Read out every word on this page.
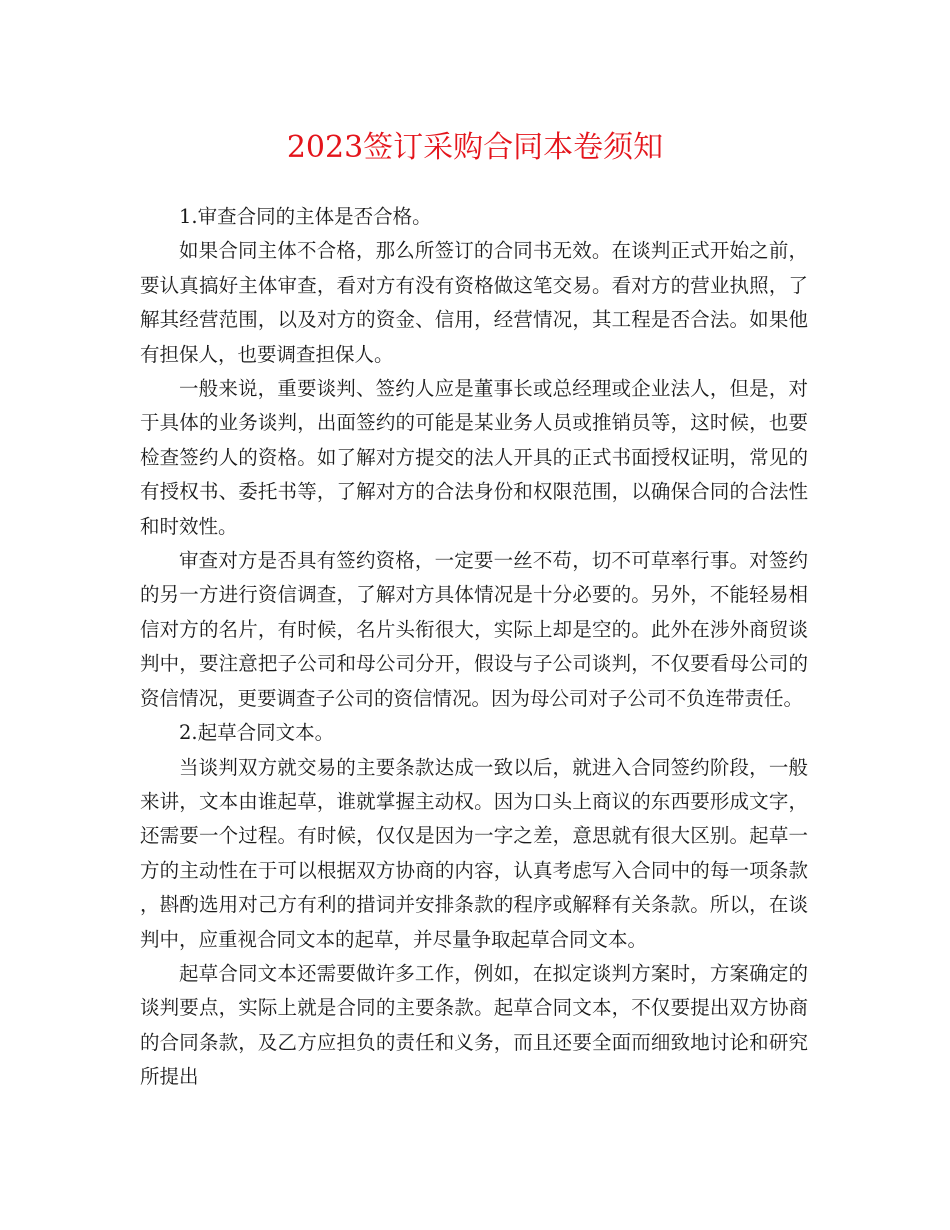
2023签订采购合同本卷须知

1.审查合同的主体是否合格。

如果合同主体不合格，那么所签订的合同书无效。在谈判正式开始之前，要认真搞好主体审查，看对方有没有资格做这笔交易。看对方的营业执照，了解其经营范围，以及对方的资金、信用，经营情况，其工程是否合法。如果他有担保人，也要调查担保人。

一般来说，重要谈判、签约人应是董事长或总经理或企业法人，但是，对于具体的业务谈判，出面签约的可能是某业务人员或推销员等，这时候，也要检查签约人的资格。如了解对方提交的法人开具的正式书面授权证明，常见的有授权书、委托书等，了解对方的合法身份和权限范围，以确保合同的合法性和时效性。

审查对方是否具有签约资格，一定要一丝不苟，切不可草率行事。对签约的另一方进行资信调查，了解对方具体情况是十分必要的。另外，不能轻易相信对方的名片，有时候，名片头衔很大，实际上却是空的。此外在涉外商贸谈判中，要注意把子公司和母公司分开，假设与子公司谈判，不仅要看母公司的资信情况，更要调查子公司的资信情况。因为母公司对子公司不负连带责任。

2.起草合同文本。

当谈判双方就交易的主要条款达成一致以后，就进入合同签约阶段，一般来讲，文本由谁起草，谁就掌握主动权。因为口头上商议的东西要形成文字，还需要一个过程。有时候，仅仅是因为一字之差，意思就有很大区别。起草一方的主动性在于可以根据双方协商的内容，认真考虑写入合同中的每一项条款，斟酌选用对己方有利的措词并安排条款的程序或解释有关条款。所以，在谈判中，应重视合同文本的起草，并尽量争取起草合同文本。

起草合同文本还需要做许多工作，例如，在拟定谈判方案时，方案确定的谈判要点，实际上就是合同的主要条款。起草合同文本，不仅要提出双方协商的合同条款，及乙方应担负的责任和义务，而且还要全面而细致地讨论和研究所提出
